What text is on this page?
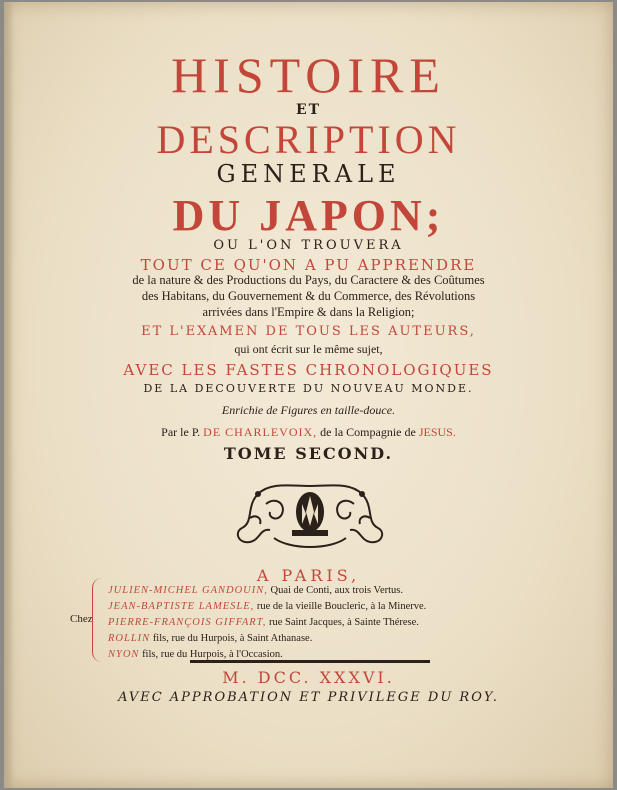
HISTOIRE
ET
DESCRIPTION
GENERALE
DU JAPON;
OU L'ON TROUVERA
TOUT CE QU'ON A PU APPRENDRE
de la nature & des Productions du Pays, du Caractere & des Coûtumes
des Habitans, du Gouvernement & du Commerce, des Révolutions
arrivées dans l'Empire & dans la Religion;
ET L'EXAMEN DE TOUS LES AUTEURS,
qui ont écrit sur le même sujet,
AVEC LES FASTES CHRONOLOGIQUES
DE LA DECOUVERTE DU NOUVEAU MONDE.
Enrichie de Figures en taille-douce.
Par le P. DE CHARLEVOIX, de la Compagnie de JESUS.
TOME SECOND.
A PARIS,
Chez
JULIEN-MICHEL GANDOUIN, Quai de Conti, aux trois Vertus.
JEAN-BAPTISTE LAMESLE, rue de la vieille Boucleric, à la Minerve.
PIERRE-FRANÇOIS GIFFART, rue Saint Jacques, à Sainte Thérese.
ROLLIN fils, rue du Hurpois, à Saint Athanase.
NYON fils, rue du Hurpois, à l'Occasion.
M. DCC. XXXVI.
AVEC APPROBATION ET PRIVILEGE DU ROY.
